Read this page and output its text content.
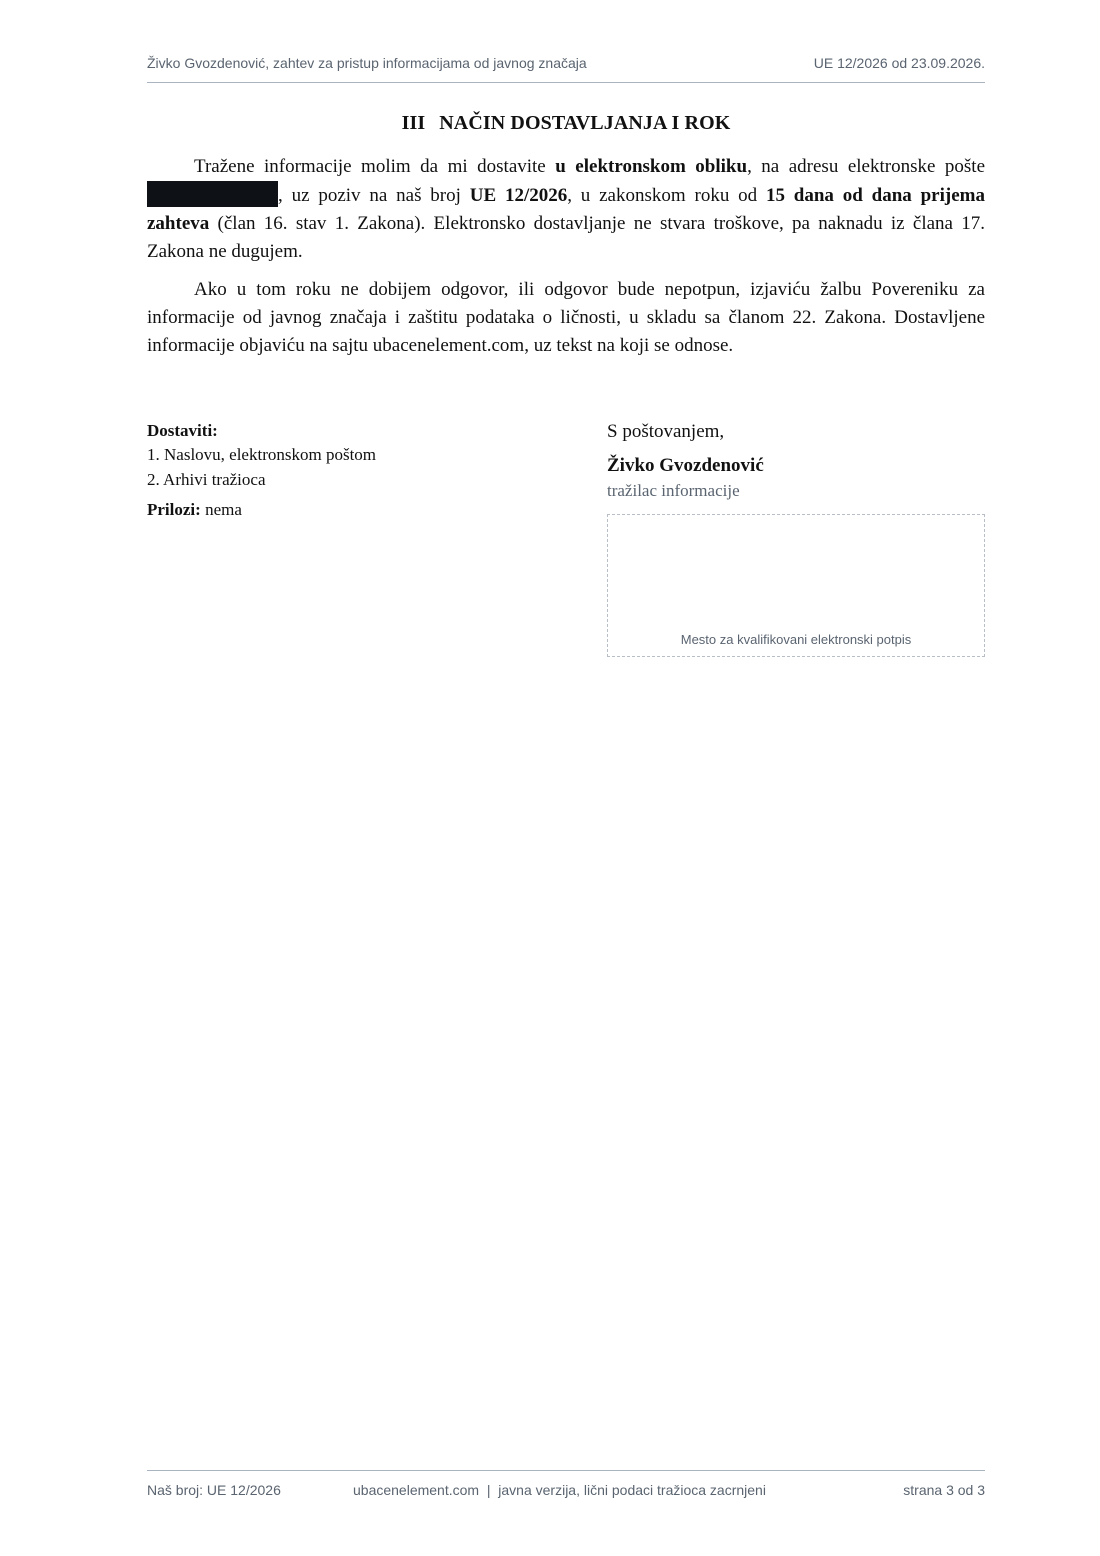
Živko Gvozdenović, zahtev za pristup informacijama od javnog značaja	UE 12/2026 od 23.09.2026.
III NAČIN DOSTAVLJANJA I ROK

Tražene informacije molim da mi dostavite u elektronskom obliku, na adresu elektronske pošte , uz poziv na naš broj UE 12/2026, u zakonskom roku od 15 dana od dana prijema zahteva (član 16. stav 1. Zakona). Elektronsko dostavljanje ne stvara troškove, pa naknadu iz člana 17. Zakona ne dugujem.

Ako u tom roku ne dobijem odgovor, ili odgovor bude nepotpun, izjaviću žalbu Povereniku za informacije od javnog značaja i zaštitu podataka o ličnosti, u skladu sa članom 22. Zakona. Dostavljene informacije objaviću na sajtu ubacenelement.com, uz tekst na koji se odnose.

Dostaviti:
1. Naslovu, elektronskom poštom
2. Arhivi tražioca
Prilozi: nema
S poštovanjem,
Živko Gvozdenović
tražilac informacije
Mesto za kvalifikovani elektronski potpis
Naš broj: UE 12/2026	ubacenelement.com  |  javna verzija, lični podaci tražioca zacrnjeni	strana 3 od 3
